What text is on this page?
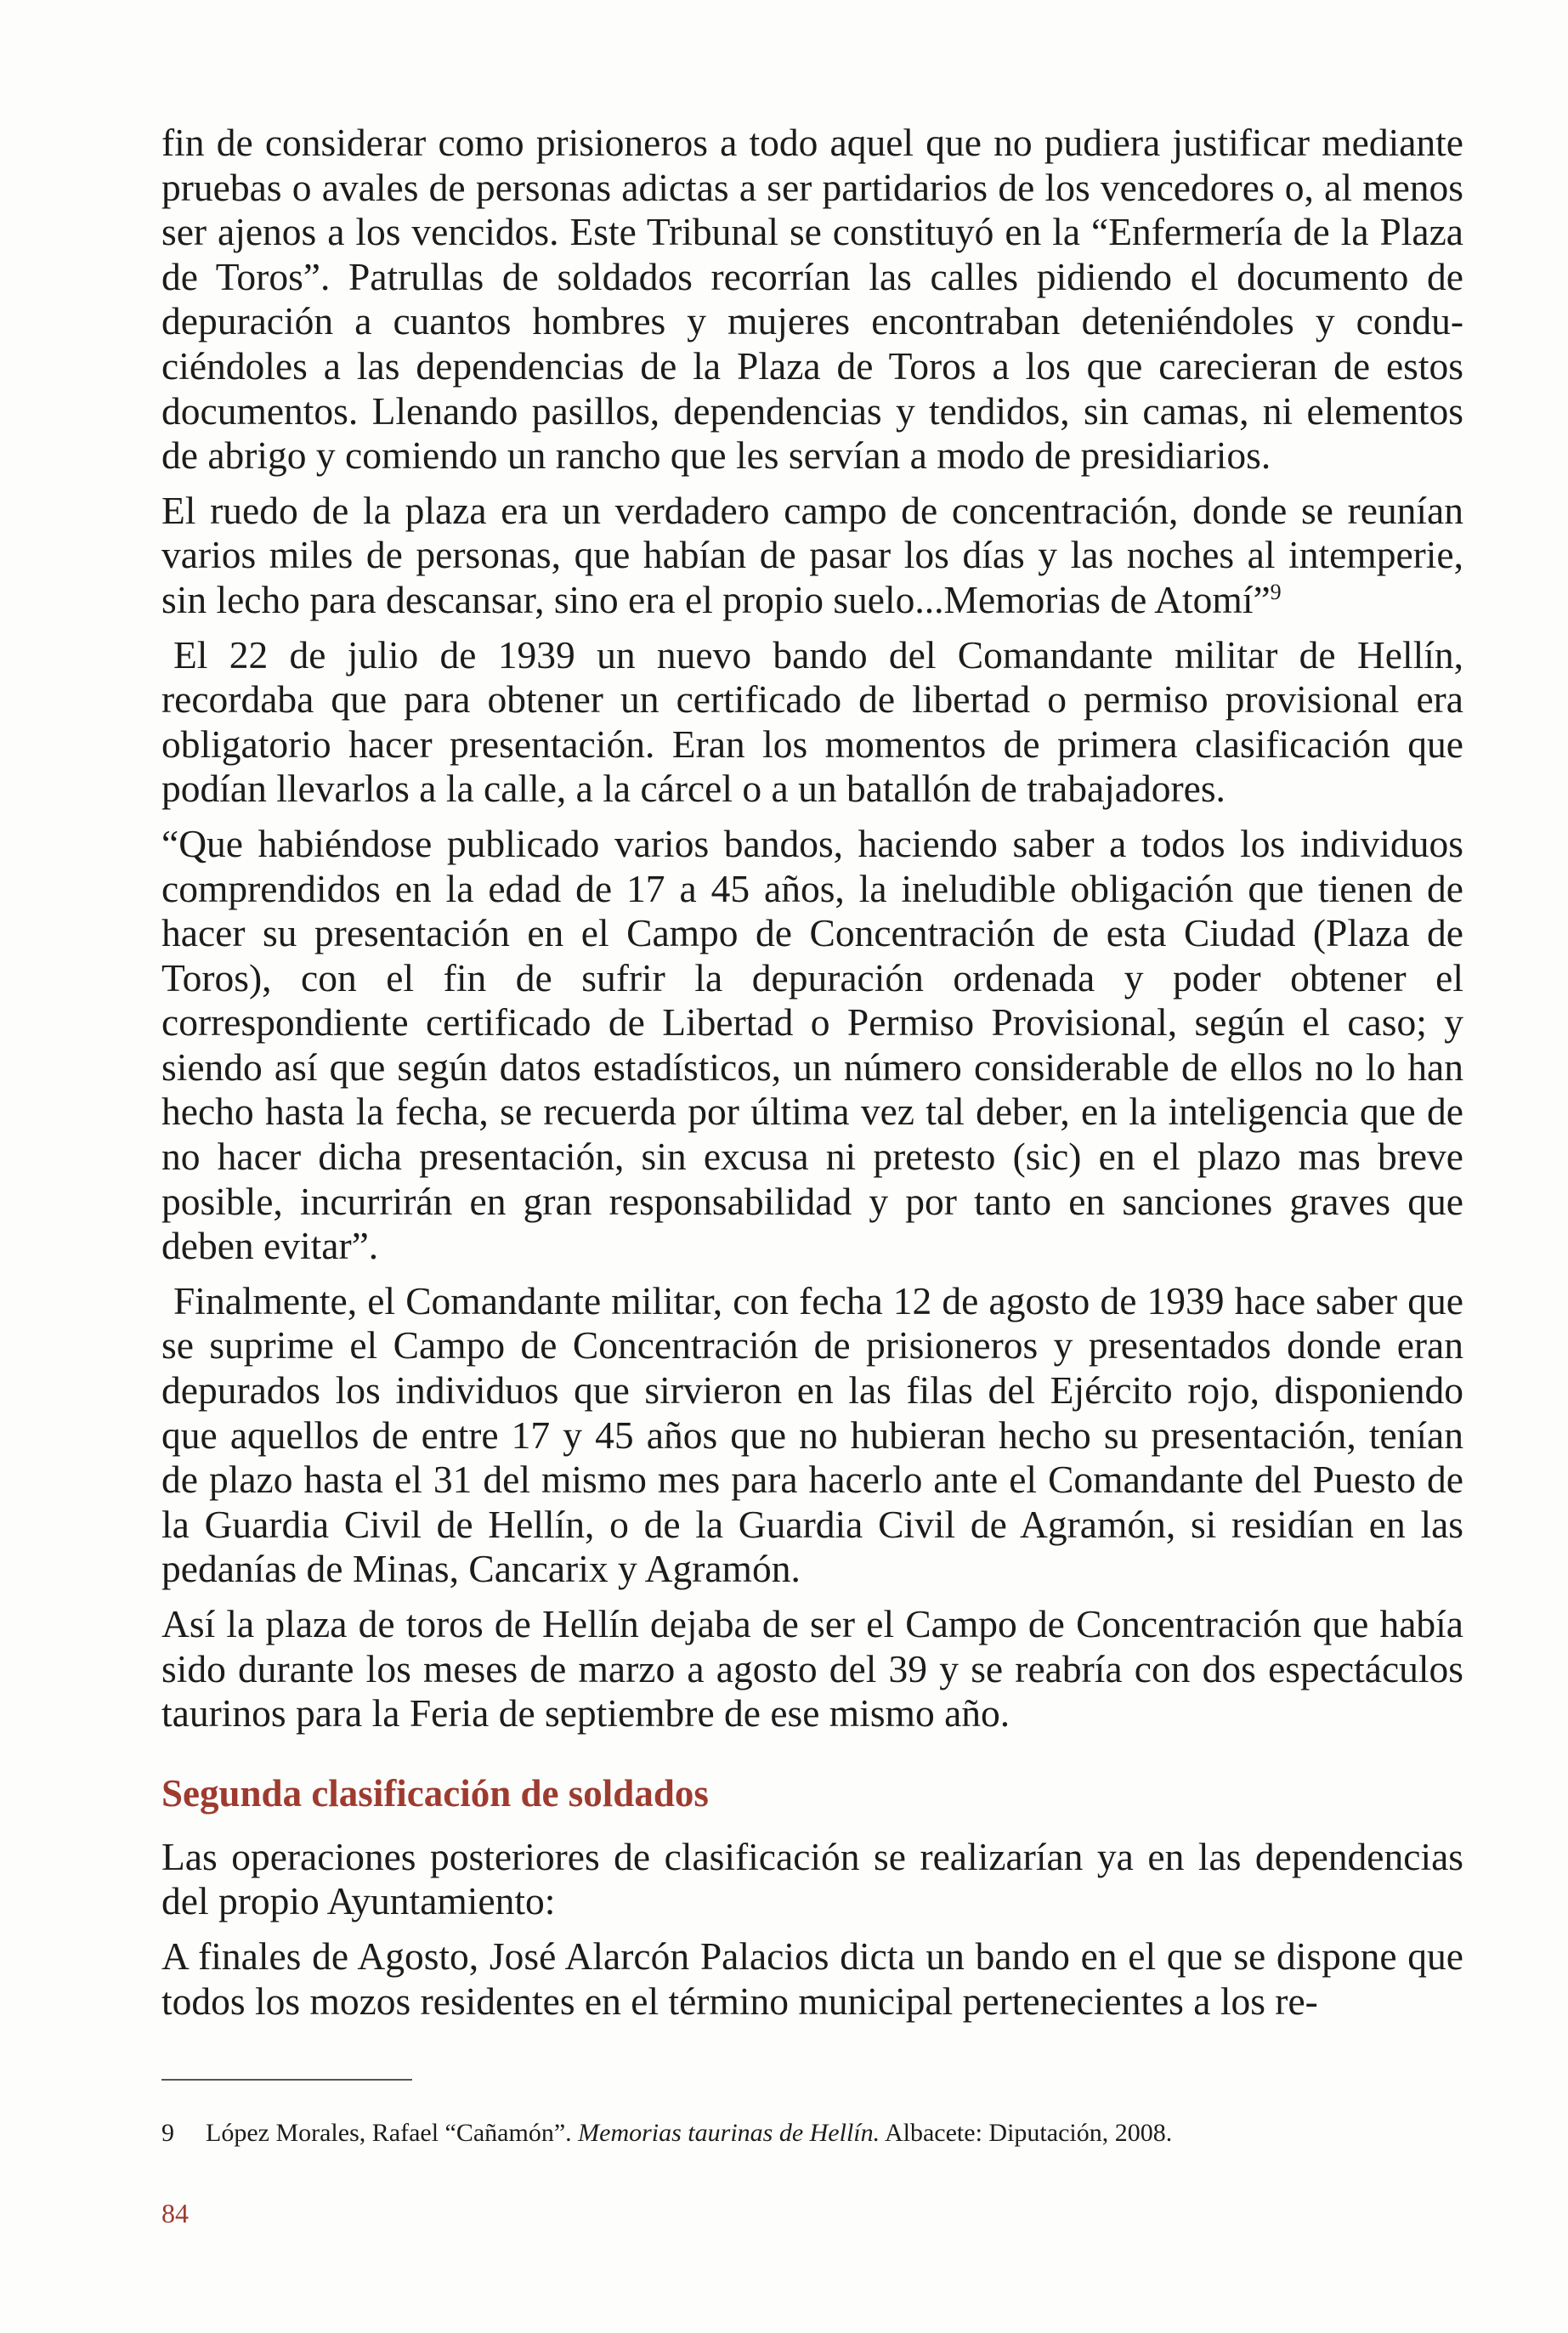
fin de considerar como prisioneros a todo aquel que no pudiera justificar mediante pruebas o avales de personas adictas a ser partidarios de los vencedores o, al menos ser ajenos a los vencidos. Este Tribunal se constituyó en la “Enfermería de la Plaza de Toros”. Patrullas de soldados recorrían las calles pidiendo el documento de depuración a cuantos hombres y mujeres encontraban deteniéndoles y conduciéndoles a las dependencias de la Plaza de Toros a los que carecieran de estos documentos. Llenando pasillos, dependencias y tendidos, sin camas, ni elementos de abrigo y comiendo un rancho que les servían a modo de presidiarios.

El ruedo de la plaza era un verdadero campo de concentración, donde se reunían varios miles de personas, que habían de pasar los días y las noches al intemperie, sin lecho para descansar, sino era el propio suelo...Memorias de Atomí”$^9$

El 22 de julio de 1939 un nuevo bando del Comandante militar de Hellín, recordaba que para obtener un certificado de libertad o permiso provisional era obligatorio hacer presentación. Eran los momentos de primera clasificación que podían llevarlos a la calle, a la cárcel o a un batallón de trabajadores.

“Que habiéndose publicado varios bandos, haciendo saber a todos los individuos comprendidos en la edad de 17 a 45 años, la ineludible obligación que tienen de hacer su presentación en el Campo de Concentración de esta Ciudad (Plaza de Toros), con el fin de sufrir la depuración ordenada y poder obtener el correspondiente certificado de Libertad o Permiso Provisional, según el caso; y siendo así que según datos estadísticos, un número considerable de ellos no lo han hecho hasta la fecha, se recuerda por última vez tal deber, en la inteligencia que de no hacer dicha presentación, sin excusa ni pretesto (sic) en el plazo mas breve posible, incurrirán en gran responsabilidad y por tanto en sanciones graves que deben evitar”.

Finalmente, el Comandante militar, con fecha 12 de agosto de 1939 hace saber que se suprime el Campo de Concentración de prisioneros y presentados donde eran depurados los individuos que sirvieron en las filas del Ejército rojo, disponiendo que aquellos de entre 17 y 45 años que no hubieran hecho su presentación, tenían de plazo hasta el 31 del mismo mes para hacerlo ante el Comandante del Puesto de la Guardia Civil de Hellín, o de la Guardia Civil de Agramón, si residían en las pedanías de Minas, Cancarix y Agramón.

Así la plaza de toros de Hellín dejaba de ser el Campo de Concentración que había sido durante los meses de marzo a agosto del 39 y se reabría con dos espectáculos taurinos para la Feria de septiembre de ese mismo año.

Segunda clasificación de soldados

Las operaciones posteriores de clasificación se realizarían ya en las dependencias del propio Ayuntamiento:

A finales de Agosto, José Alarcón Palacios dicta un bando en el que se dispone que todos los mozos residentes en el término municipal pertenecientes a los re-

9 López Morales, Rafael “Cañamón”. Memorias taurinas de Hellín. Albacete: Diputación, 2008.
84
